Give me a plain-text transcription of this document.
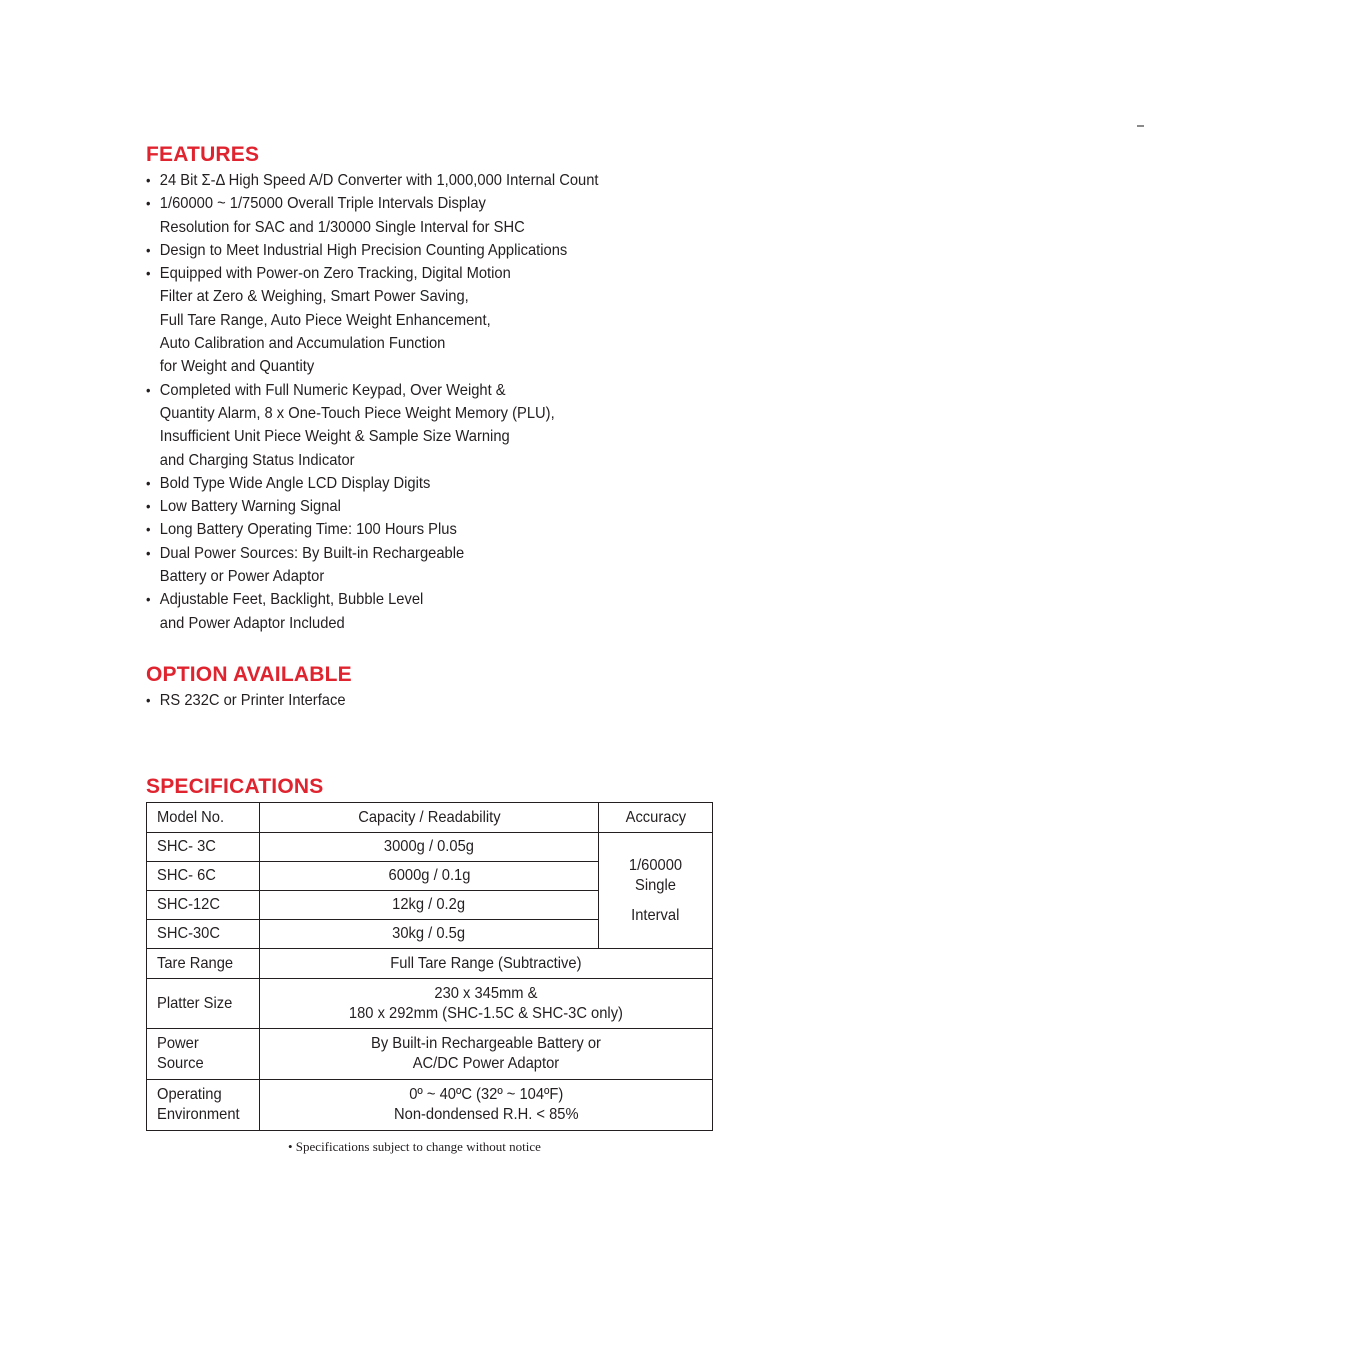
FEATURES
• 24 Bit Σ-Δ High Speed A/D Converter with 1,000,000 Internal Count
• 1/60000 ~ 1/75000 Overall Triple Intervals Display
Resolution for SAC and 1/30000 Single Interval for SHC
• Design to Meet Industrial High Precision Counting Applications
• Equipped with Power-on Zero Tracking, Digital Motion
Filter at Zero & Weighing, Smart Power Saving,
Full Tare Range, Auto Piece Weight Enhancement,
Auto Calibration and Accumulation Function
for Weight and Quantity
• Completed with Full Numeric Keypad, Over Weight &
Quantity Alarm, 8 x One-Touch Piece Weight Memory (PLU),
Insufficient Unit Piece Weight & Sample Size Warning
and Charging Status Indicator
• Bold Type Wide Angle LCD Display Digits
• Low Battery Warning Signal
• Long Battery Operating Time: 100 Hours Plus
• Dual Power Sources: By Built-in Rechargeable
Battery or Power Adaptor
• Adjustable Feet, Backlight, Bubble Level
and Power Adaptor Included
OPTION AVAILABLE
• RS 232C or Printer Interface
SPECIFICATIONS
Model No.	Capacity / Readability	Accuracy
SHC- 3C	3000g / 0.05g	1/60000 Single
Interval
SHC- 6C	6000g / 0.1g	
SHC-12C	12kg / 0.2g	
SHC-30C	30kg / 0.5g	
Tare Range	Full Tare Range (Subtractive)	
Platter Size	230 x 345mm &
180 x 292mm (SHC-1.5C & SHC-3C only)	
Power
Source	By Built-in Rechargeable Battery or
AC/DC Power Adaptor	
Operating
Environment	0º ~ 40ºC (32º ~ 104ºF)
Non-dondensed R.H. < 85%	
• Specifications subject to change without notice
